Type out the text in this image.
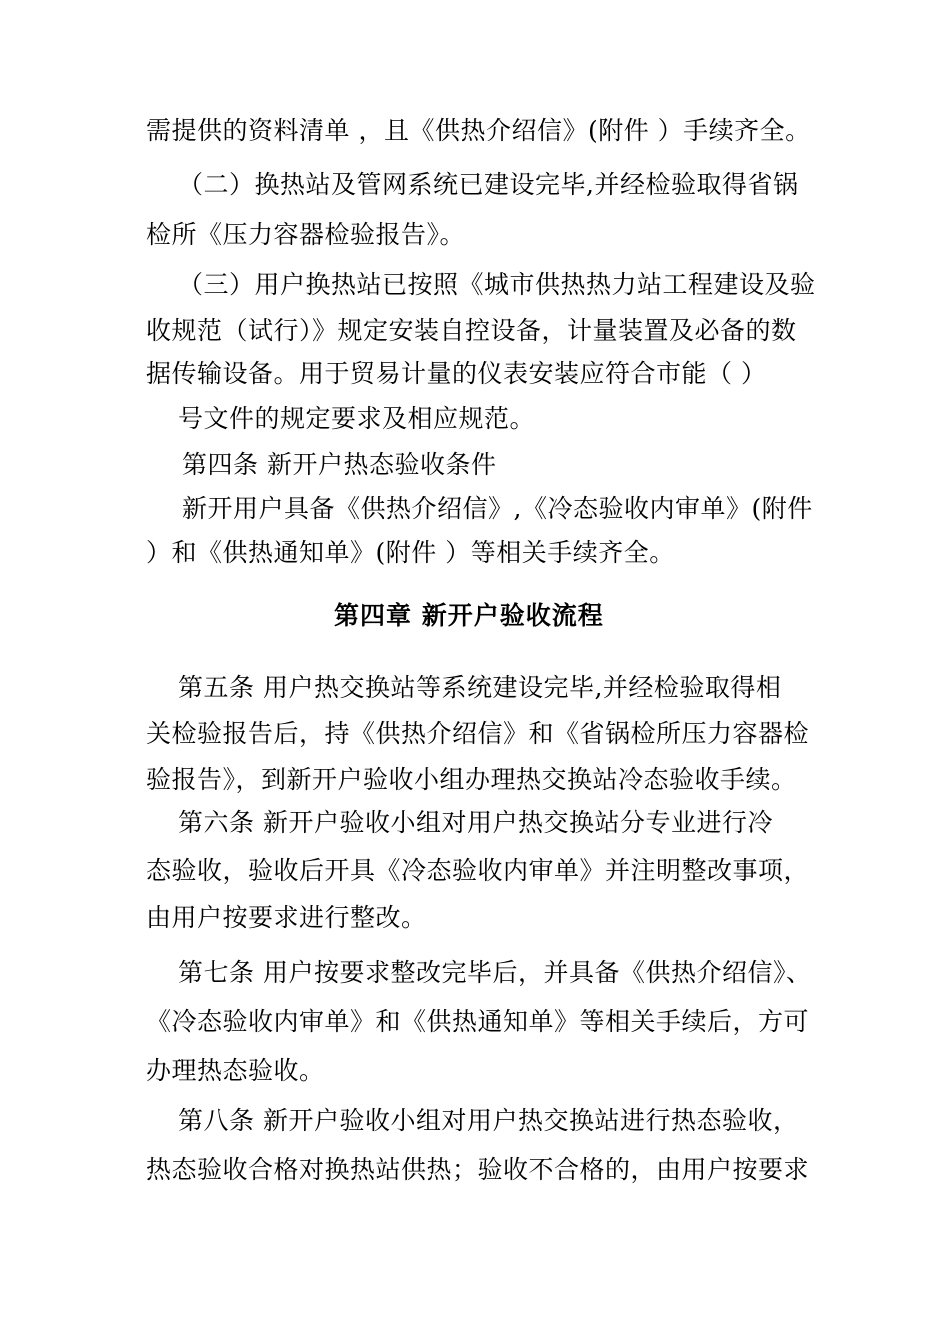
需提供的资料清单 ，且《供热介绍信》(附件 ）手续齐全。
（二）换热站及管网系统已建设完毕,并经检验取得省锅
检所《压力容器检验报告》。
（三）用户换热站已按照《城市供热热力站工程建设及验
收规范（试行）》规定安装自控设备，计量装置及必备的数
据传输设备。用于贸易计量的仪表安装应符合市能（ ）
号文件的规定要求及相应规范。
第四条 新开户热态验收条件
新开用户具备《供热介绍信》,《冷态验收内审单》(附件
）和《供热通知单》(附件 ）等相关手续齐全。
第四章 新开户验收流程
第五条 用户热交换站等系统建设完毕,并经检验取得相
关检验报告后，持《供热介绍信》和《省锅检所压力容器检
验报告》，到新开户验收小组办理热交换站冷态验收手续。
第六条 新开户验收小组对用户热交换站分专业进行冷
态验收，验收后开具《冷态验收内审单》并注明整改事项，
由用户按要求进行整改。
第七条 用户按要求整改完毕后，并具备《供热介绍信》、
《冷态验收内审单》和《供热通知单》等相关手续后，方可
办理热态验收。
第八条 新开户验收小组对用户热交换站进行热态验收，
热态验收合格对换热站供热；验收不合格的，由用户按要求
